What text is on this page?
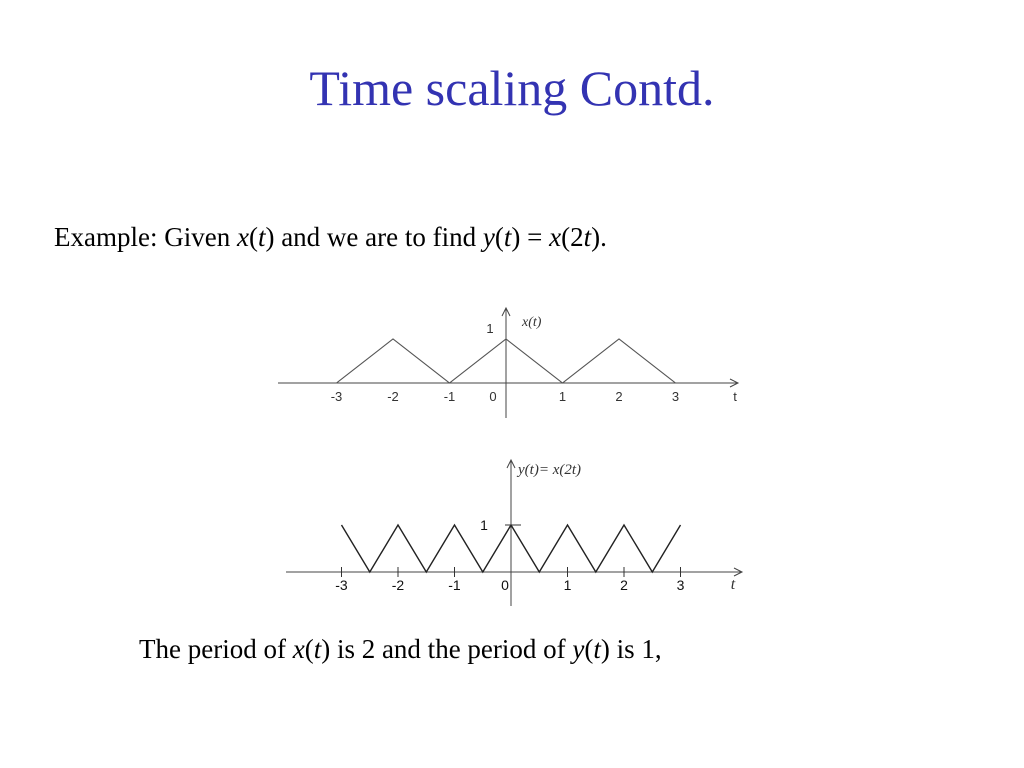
Time scaling Contd.
Example: Given x(t) and we are to find y(t) = x(2t).
-3	-2	-1	0	1	2	3
1
t
x(t)
-3	-2	-1	0	1	2	3
1
t
y(t)= x(2t)
The period of x(t) is 2 and the period of y(t) is 1,
